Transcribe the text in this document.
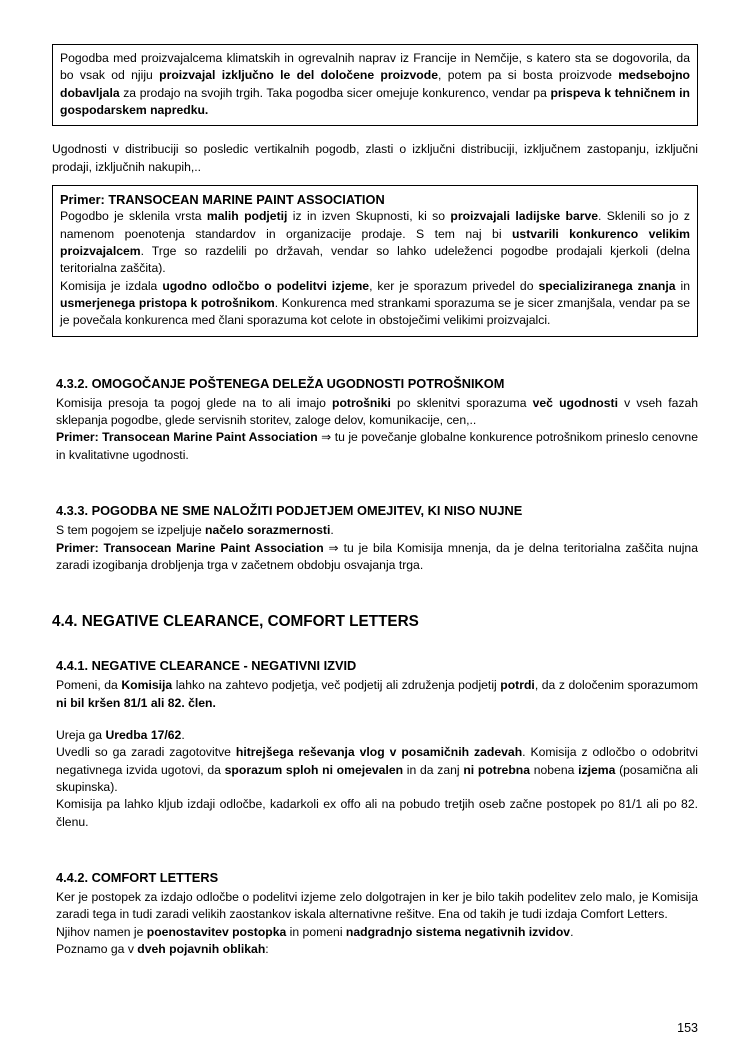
Pogodba med proizvajalcema klimatskih in ogrevalnih naprav iz Francije in Nemčije, s katero sta se dogovorila, da bo vsak od njiju proizvajal izključno le del določene proizvode, potem pa si bosta proizvode medsebojno dobavljala za prodajo na svojih trgih. Taka pogodba sicer omejuje konkurenco, vendar pa prispeva k tehničnem in gospodarskem napredku.

Ugodnosti v distribuciji so posledic vertikalnih pogodb, zlasti o izključni distribuciji, izključnem zastopanju, izključni prodaji, izključnih nakupih,..

Primer: TRANSOCEAN MARINE PAINT ASSOCIATION

Pogodbo je sklenila vrsta malih podjetij iz in izven Skupnosti, ki so proizvajali ladijske barve. Sklenili so jo z namenom poenotenja standardov in organizacije prodaje. S tem naj bi ustvarili konkurenco velikim proizvajalcem. Trge so razdelili po državah, vendar so lahko udeleženci pogodbe prodajali kjerkoli (delna teritorialna zaščita).

Komisija je izdala ugodno odločbo o podelitvi izjeme, ker je sporazum privedel do specializiranega znanja in usmerjenega pristopa k potrošnikom. Konkurenca med strankami sporazuma se je sicer zmanjšala, vendar pa se je povečala konkurenca med člani sporazuma kot celote in obstoječimi velikimi proizvajalci.

4.3.2. OMOGOČANJE POŠTENEGA DELEŽA UGODNOSTI POTROŠNIKOM

Komisija presoja ta pogoj glede na to ali imajo potrošniki po sklenitvi sporazuma več ugodnosti v vseh fazah sklepanja pogodbe, glede servisnih storitev, zaloge delov, komunikacije, cen,..

Primer: Transocean Marine Paint Association ⇒ tu je povečanje globalne konkurence potrošnikom prineslo cenovne in kvalitativne ugodnosti.

4.3.3. POGODBA NE SME NALOŽITI PODJETJEM OMEJITEV, KI NISO NUJNE

S tem pogojem se izpeljuje načelo sorazmernosti.

Primer: Transocean Marine Paint Association ⇒ tu je bila Komisija mnenja, da je delna teritorialna zaščita nujna zaradi izogibanja drobljenja trga v začetnem obdobju osvajanja trga.

4.4. NEGATIVE CLEARANCE, COMFORT LETTERS

4.4.1. NEGATIVE CLEARANCE - NEGATIVNI IZVID

Pomeni, da Komisija lahko na zahtevo podjetja, več podjetij ali združenja podjetij potrdi, da z določenim sporazumom ni bil kršen 81/1 ali 82. člen.

Ureja ga Uredba 17/62.

Uvedli so ga zaradi zagotovitve hitrejšega reševanja vlog v posamičnih zadevah. Komisija z odločbo o odobritvi negativnega izvida ugotovi, da sporazum sploh ni omejevalen in da zanj ni potrebna nobena izjema (posamična ali skupinska).

Komisija pa lahko kljub izdaji odločbe, kadarkoli ex offo ali na pobudo tretjih oseb začne postopek po 81/1 ali po 82. členu.

4.4.2. COMFORT LETTERS

Ker je postopek za izdajo odločbe o podelitvi izjeme zelo dolgotrajen in ker je bilo takih podelitev zelo malo, je Komisija zaradi tega in tudi zaradi velikih zaostankov iskala alternativne rešitve. Ena od takih je tudi izdaja Comfort Letters.

Njihov namen je poenostavitev postopka in pomeni nadgradnjo sistema negativnih izvidov.

Poznamo ga v dveh pojavnih oblikah:

153
